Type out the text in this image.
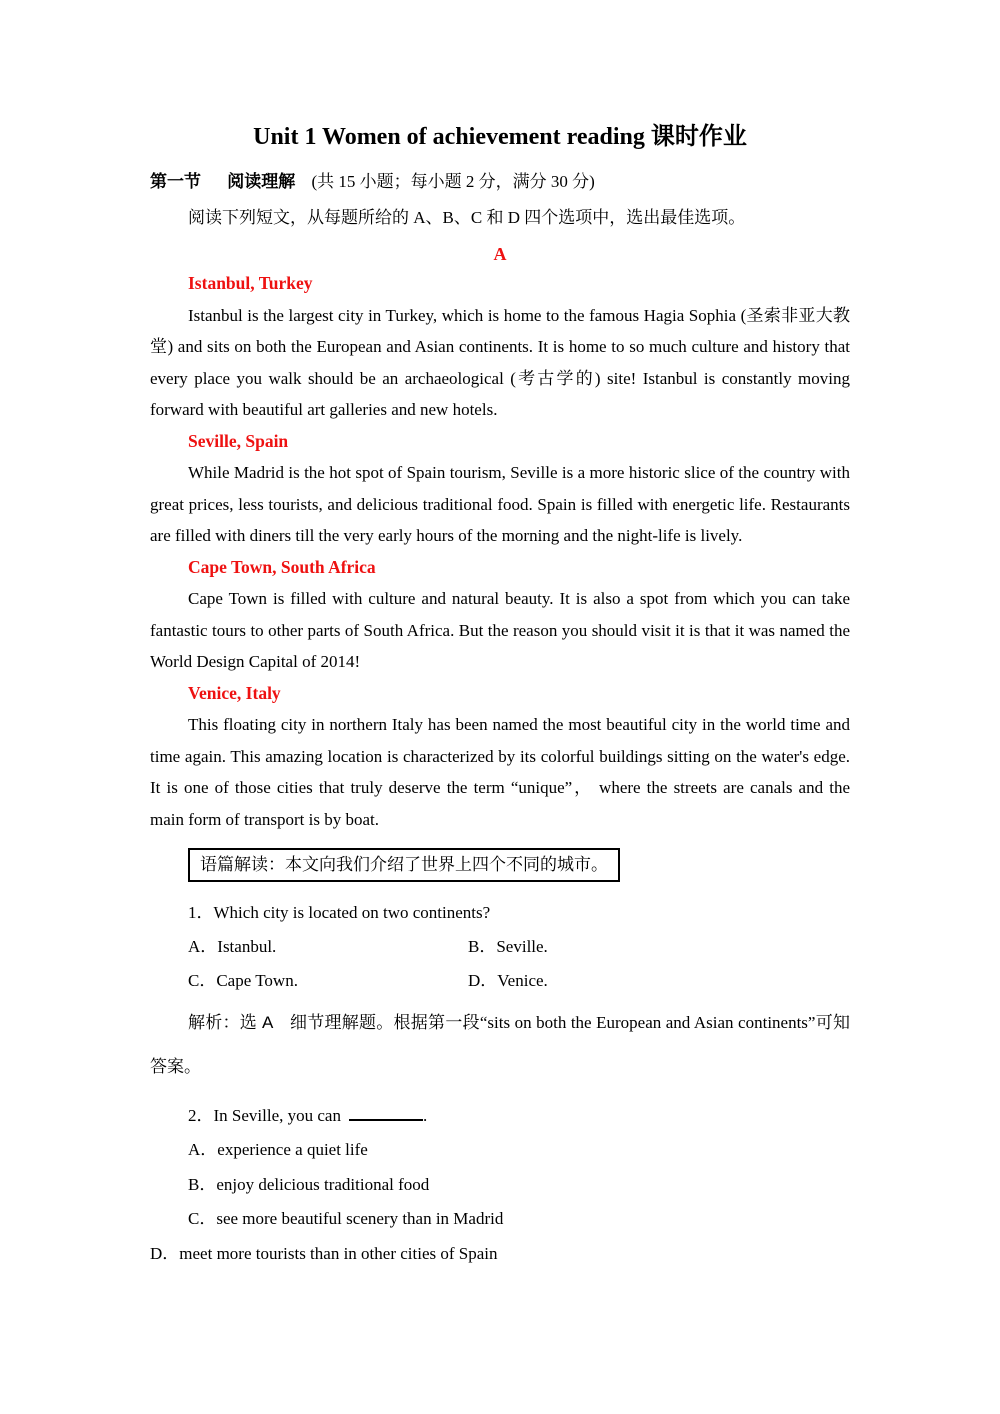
Unit 1 Women of achievement reading 课时作业

第一节 阅读理解 (共 15 小题；每小题 2 分，满分 30 分)

阅读下列短文，从每题所给的 A、B、C 和 D 四个选项中，选出最佳选项。

A

Istanbul, Turkey

Istanbul is the largest city in Turkey, which is home to the famous Hagia Sophia (圣索非亚大教堂) and sits on both the European and Asian continents. It is home to so much culture and history that every place you walk should be an archaeological (考古学的) site! Istanbul is constantly moving forward with beautiful art galleries and new hotels.

Seville, Spain

While Madrid is the hot spot of Spain tourism, Seville is a more historic slice of the country with great prices, less tourists, and delicious traditional food. Spain is filled with energetic life. Restaurants are filled with diners till the very early hours of the morning and the night-life is lively.

Cape Town, South Africa

Cape Town is filled with culture and natural beauty. It is also a spot from which you can take fantastic tours to other parts of South Africa. But the reason you should visit it is that it was named the World Design Capital of 2014!

Venice, Italy

This floating city in northern Italy has been named the most beautiful city in the world time and time again. This amazing location is characterized by its colorful buildings sitting on the water's edge. It is one of those cities that truly deserve the term “unique”， where the streets are canals and the main form of transport is by boat.

语篇解读：本文向我们介绍了世界上四个不同的城市。

1．Which city is located on two continents?

A．Istanbul.	B．Seville.
C．Cape Town.	D．Venice.

解析：选 A　细节理解题。根据第一段“sits on both the European and Asian continents”可知答案。

2．In Seville, you can	.

A．experience a quiet life

B．enjoy delicious traditional food

C．see more beautiful scenery than in Madrid

D．meet more tourists than in other cities of Spain
